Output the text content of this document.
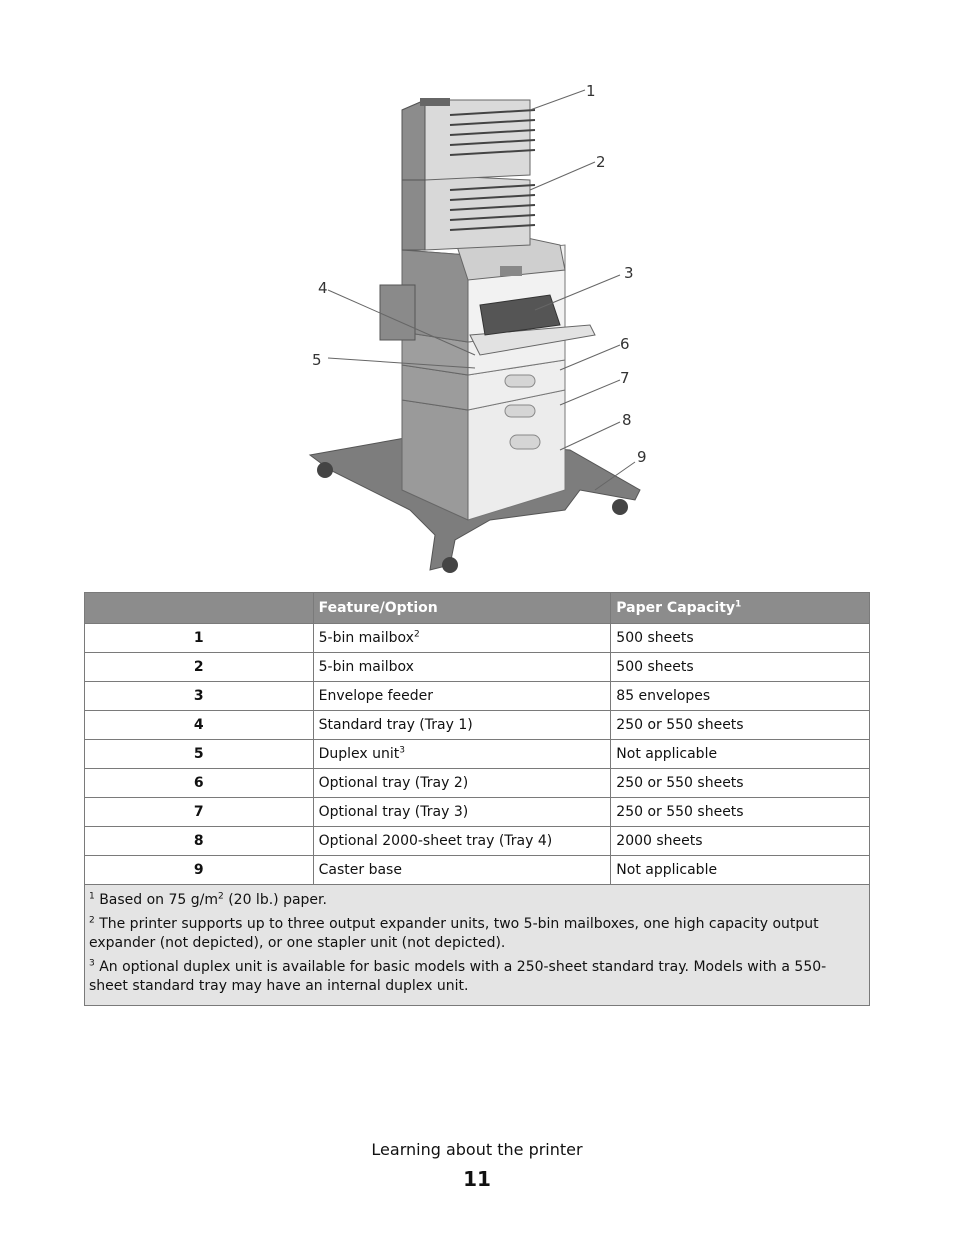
1
2
3
4
5
6
7
8
9
	Feature/Option	Paper Capacity$^1$
1	5-bin mailbox$^2$	500 sheets
2	5-bin mailbox	500 sheets
3	Envelope feeder	85 envelopes
4	Standard tray (Tray 1)	250 or 550 sheets
5	Duplex unit$^3$	Not applicable
6	Optional tray (Tray 2)	250 or 550 sheets
7	Optional tray (Tray 3)	250 or 550 sheets
8	Optional 2000-sheet tray (Tray 4)	2000 sheets
9	Caster base	Not applicable

$^1$ Based on 75 $g/m^2$ (20 lb.) paper.
$^2$ The printer supports up to three output expander units, two 5-bin mailboxes, one high capacity output expander (not depicted), or one stapler unit (not depicted).
$^3$ An optional duplex unit is available for basic models with a 250-sheet standard tray. Models with a 550-sheet standard tray may have an internal duplex unit.		
Learning about the printer
11
